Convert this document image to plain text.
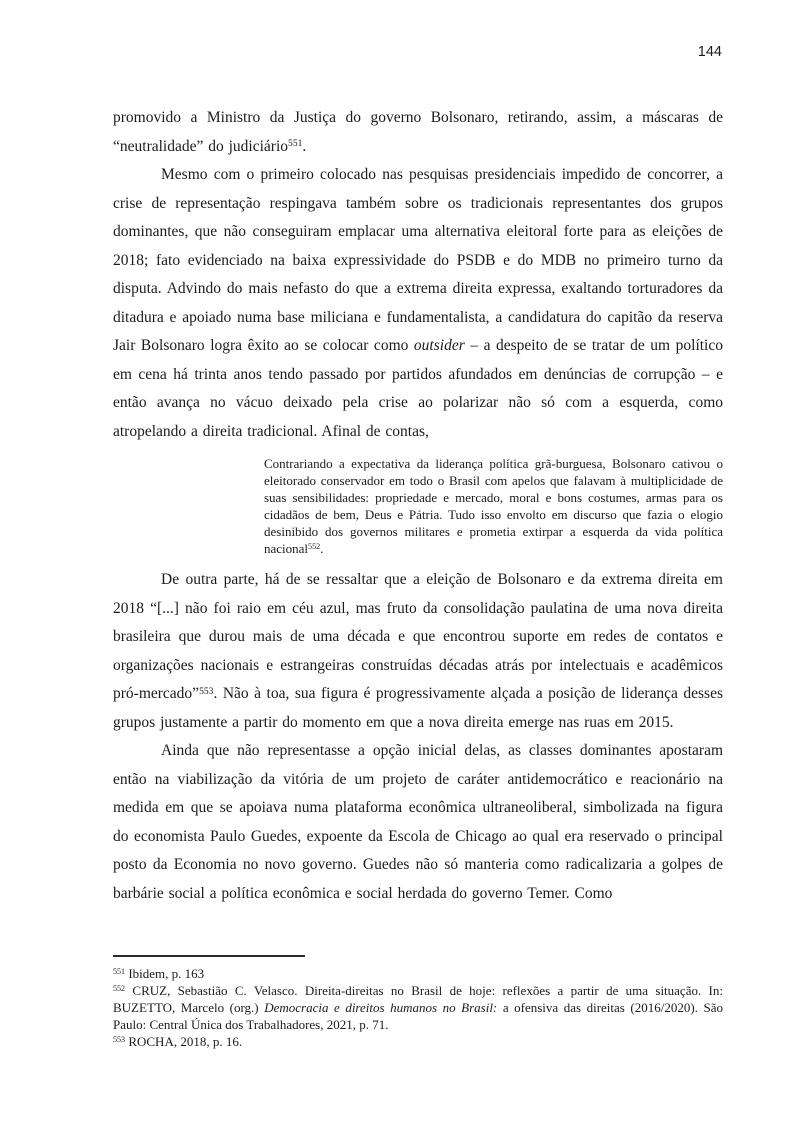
144

promovido a Ministro da Justiça do governo Bolsonaro, retirando, assim, a máscaras de “neutralidade” do judiciário$^{551}$.

Mesmo com o primeiro colocado nas pesquisas presidenciais impedido de concorrer, a crise de representação respingava também sobre os tradicionais representantes dos grupos dominantes, que não conseguiram emplacar uma alternativa eleitoral forte para as eleições de 2018; fato evidenciado na baixa expressividade do PSDB e do MDB no primeiro turno da disputa. Advindo do mais nefasto do que a extrema direita expressa, exaltando torturadores da ditadura e apoiado numa base miliciana e fundamentalista, a candidatura do capitão da reserva Jair Bolsonaro logra êxito ao se colocar como outsider – a despeito de se tratar de um político em cena há trinta anos tendo passado por partidos afundados em denúncias de corrupção – e então avança no vácuo deixado pela crise ao polarizar não só com a esquerda, como atropelando a direita tradicional. Afinal de contas,

Contrariando a expectativa da liderança política grã-burguesa, Bolsonaro cativou o eleitorado conservador em todo o Brasil com apelos que falavam à multiplicidade de suas sensibilidades: propriedade e mercado, moral e bons costumes, armas para os cidadãos de bem, Deus e Pátria. Tudo isso envolto em discurso que fazia o elogio desinibido dos governos militares e prometia extirpar a esquerda da vida política nacional$^{552}$.

De outra parte, há de se ressaltar que a eleição de Bolsonaro e da extrema direita em 2018 “[...] não foi raio em céu azul, mas fruto da consolidação paulatina de uma nova direita brasileira que durou mais de uma década e que encontrou suporte em redes de contatos e organizações nacionais e estrangeiras construídas décadas atrás por intelectuais e acadêmicos pró-mercado”$^{553}$. Não à toa, sua figura é progressivamente alçada a posição de liderança desses grupos justamente a partir do momento em que a nova direita emerge nas ruas em 2015.

Ainda que não representasse a opção inicial delas, as classes dominantes apostaram então na viabilização da vitória de um projeto de caráter antidemocrático e reacionário na medida em que se apoiava numa plataforma econômica ultraneoliberal, simbolizada na figura do economista Paulo Guedes, expoente da Escola de Chicago ao qual era reservado o principal posto da Economia no novo governo. Guedes não só manteria como radicalizaria a golpes de barbárie social a política econômica e social herdada do governo Temer. Como

$^{551}$ Ibidem, p. 163

$^{552}$ CRUZ, Sebastião C. Velasco. Direita-direitas no Brasil de hoje: reflexões a partir de uma situação. In: BUZETTO, Marcelo (org.) Democracia e direitos humanos no Brasil: a ofensiva das direitas (2016/2020). São Paulo: Central Única dos Trabalhadores, 2021, p. 71.

$^{553}$ ROCHA, 2018, p. 16.
